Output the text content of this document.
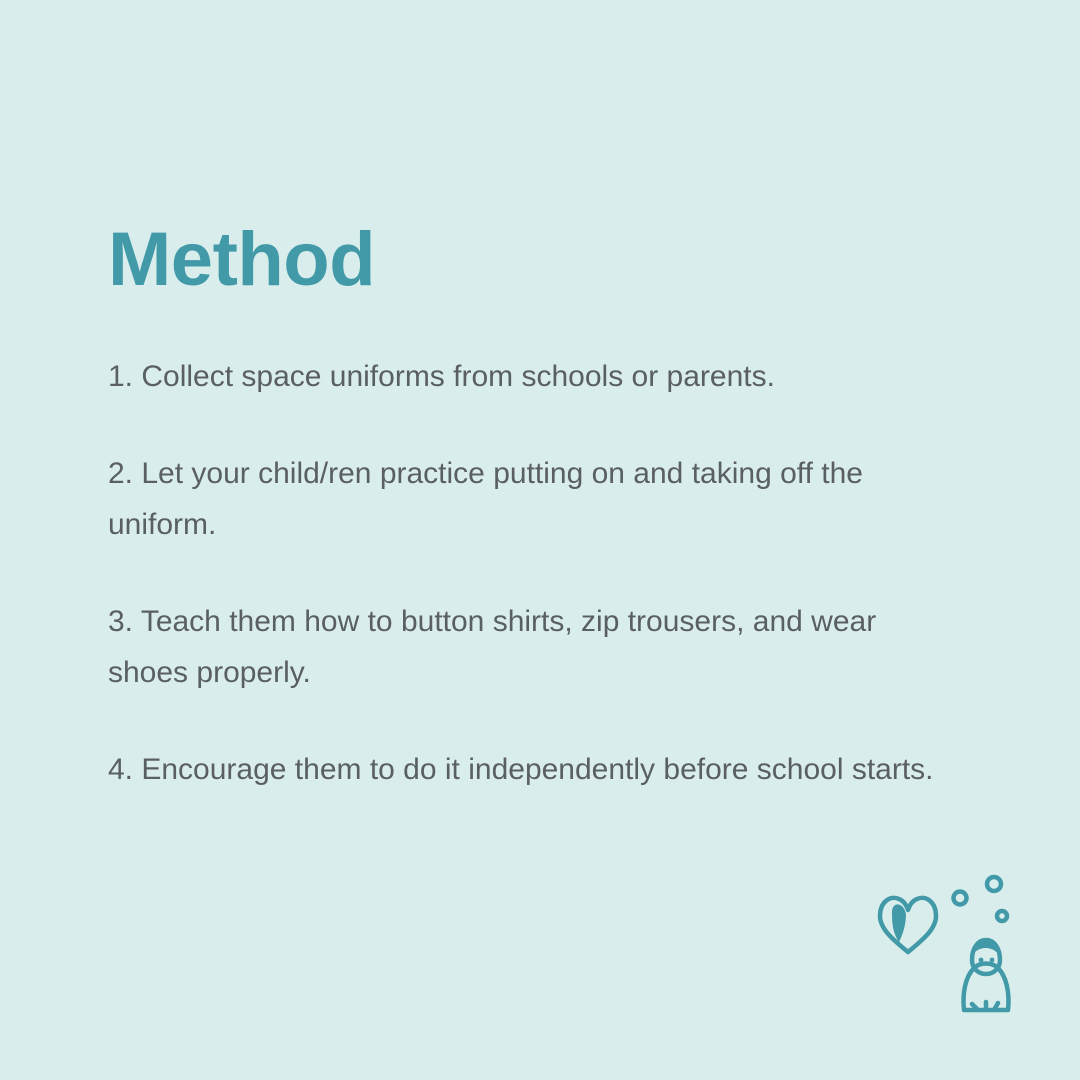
Method

1. Collect space uniforms from schools or parents.

2. Let your child/ren practice putting on and taking off the uniform.

3. Teach them how to button shirts, zip trousers, and wear shoes properly.

4. Encourage them to do it independently before school starts.
